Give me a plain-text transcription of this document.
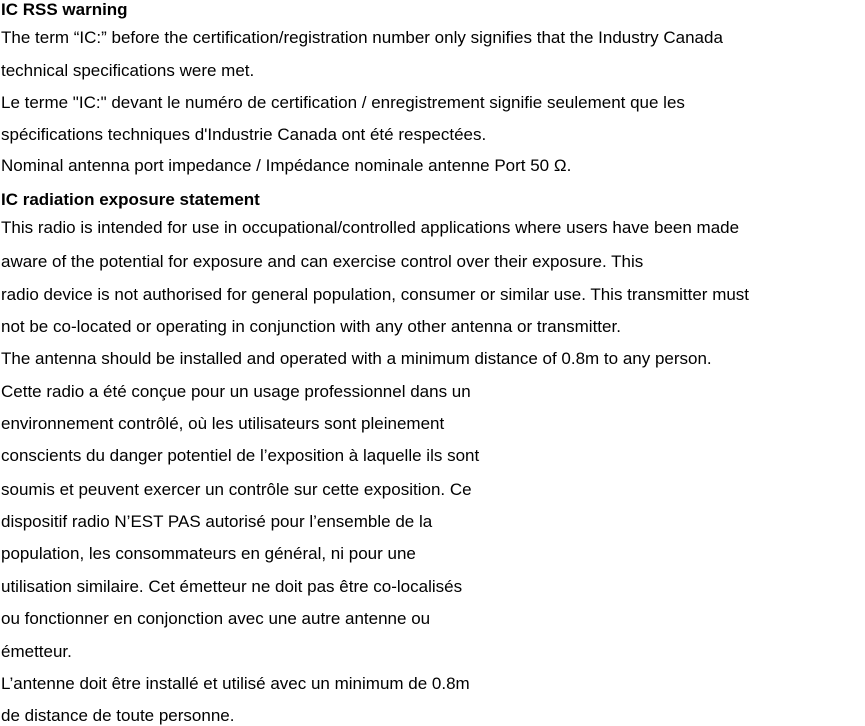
IC RSS warning
The term “IC:” before the certification/registration number only signifies that the Industry Canada
technical specifications were met.
Le terme "IC:" devant le numéro de certification / enregistrement signifie seulement que les
spécifications techniques d'Industrie Canada ont été respectées.
Nominal antenna port impedance / Impédance nominale antenne Port 50 Ω.
IC radiation exposure statement
This radio is intended for use in occupational/controlled applications where users have been made
aware of the potential for exposure and can exercise control over their exposure. This
radio device is not authorised for general population, consumer or similar use. This transmitter must
not be co-located or operating in conjunction with any other antenna or transmitter.
The antenna should be installed and operated with a minimum distance of 0.8m to any person.
Cette radio a été conçue pour un usage professionnel dans un
environnement contrôlé, où les utilisateurs sont pleinement
conscients du danger potentiel de l’exposition à laquelle ils sont
soumis et peuvent exercer un contrôle sur cette exposition. Ce
dispositif radio N’EST PAS autorisé pour l’ensemble de la
population, les consommateurs en général, ni pour une
utilisation similaire. Cet émetteur ne doit pas être co-localisés
ou fonctionner en conjonction avec une autre antenne ou
émetteur.
L’antenne doit être installé et utilisé avec un minimum de 0.8m
de distance de toute personne.
